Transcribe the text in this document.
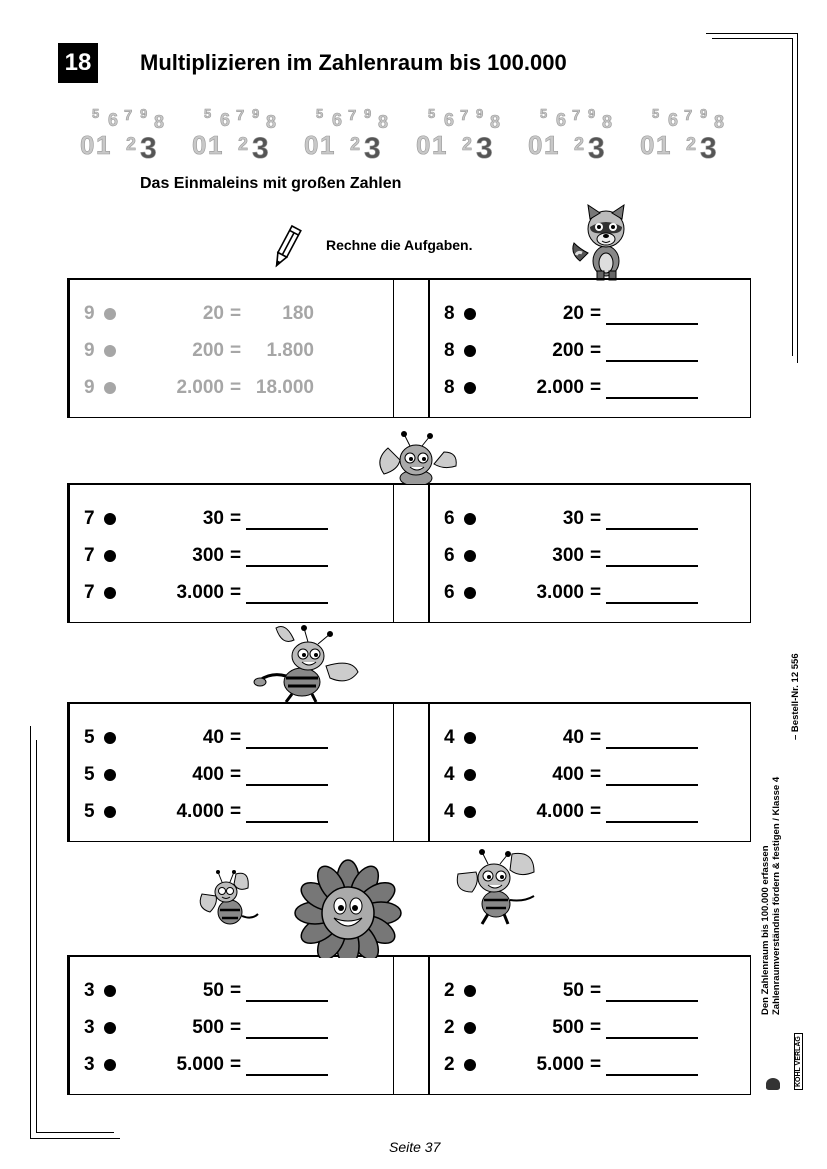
18	Multiplizieren im Zahlenraum bis 100.000
5 6 7 9 8
0 1 2 3
5 6 7 9 8
0 1 2 3
5 6 7 9 8
0 1 2 3
5 6 7 9 8
0 1 2 3
5 6 7 9 8
0 1 2 3
5 6 7 9 8
0 1 2 3
Das Einmaleins mit großen Zahlen
Rechne die Aufgaben.
9	20 =	180
9	200 =	1.800
9	2.000 = 18.000
8	20 =
8	200 =
8	2.000 =
7	30 =
7	300 =
7	3.000 =
6	30 =
6	300 =
6	3.000 =
5	40 =
5	400 =
5	4.000 =
4	40 =
4	400 =
4	4.000 =
3	50 =
3	500 =
3	5.000 =
2	50 =
2	500 =
2	5.000 =
Den Zahlenraum bis 100.000 erfassen Zahlenraumverständnis fördern & festigen / Klasse 4
– Bestell-Nr. 12 556
KOHL VERLAG
Seite 37
